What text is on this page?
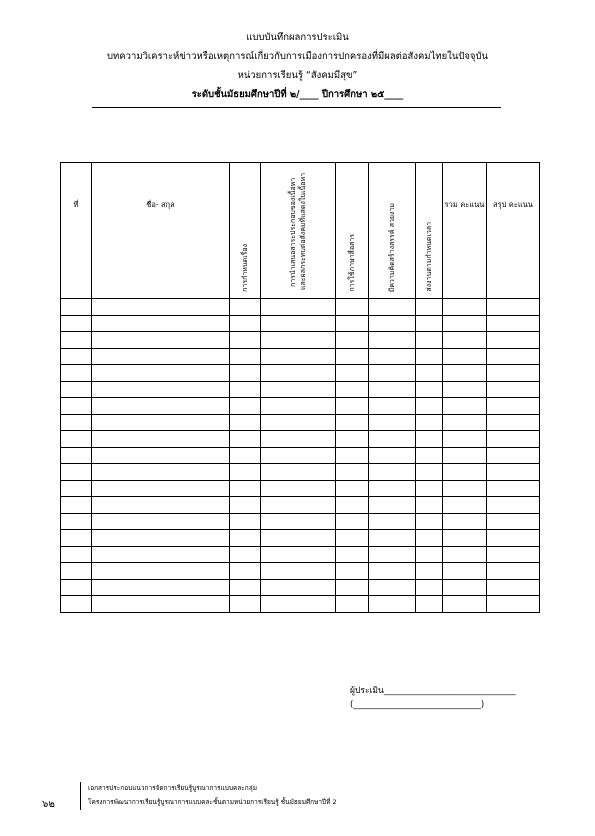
แบบบันทึกผลการประเมิน
บทความวิเคราะห์ข่าวหรือเหตุการณ์เกี่ยวกับการเมืองการปกครองที่มีผลต่อสังคมไทยในปัจจุบัน
หน่วยการเรียนรู้ “สังคมมีสุข”
ระดับชั้นมัธยมศึกษาปีที่ ๒/____ ปีการศึกษา ๒๕____
ที่	ชื่อ- สกุล	การกำหนดเรื่อง	การนำเสนอสาระประกอบของเนื้อหา และผลกระทบต่อสังคมที่แสดงในเนื้อหา	การใช้ภาษาสื่อสาร	มีความคิดสร้างสรรค์ สวยงาม	ส่งงานตามกำหนดเวลา	รวม คะแนน	สรุป คะแนน

ผู้ประเมิน_______________________________
(______________________________)
๖๒
เอกสารประกอบแนวการจัดการเรียนรู้บูรณาการแบบคละกลุ่ม
โครงการพัฒนาการเรียนรู้บูรณาการแบบคละชั้นตามหน่วยการเรียนรู้ ชั้นมัธยมศึกษาปีที่ 2
